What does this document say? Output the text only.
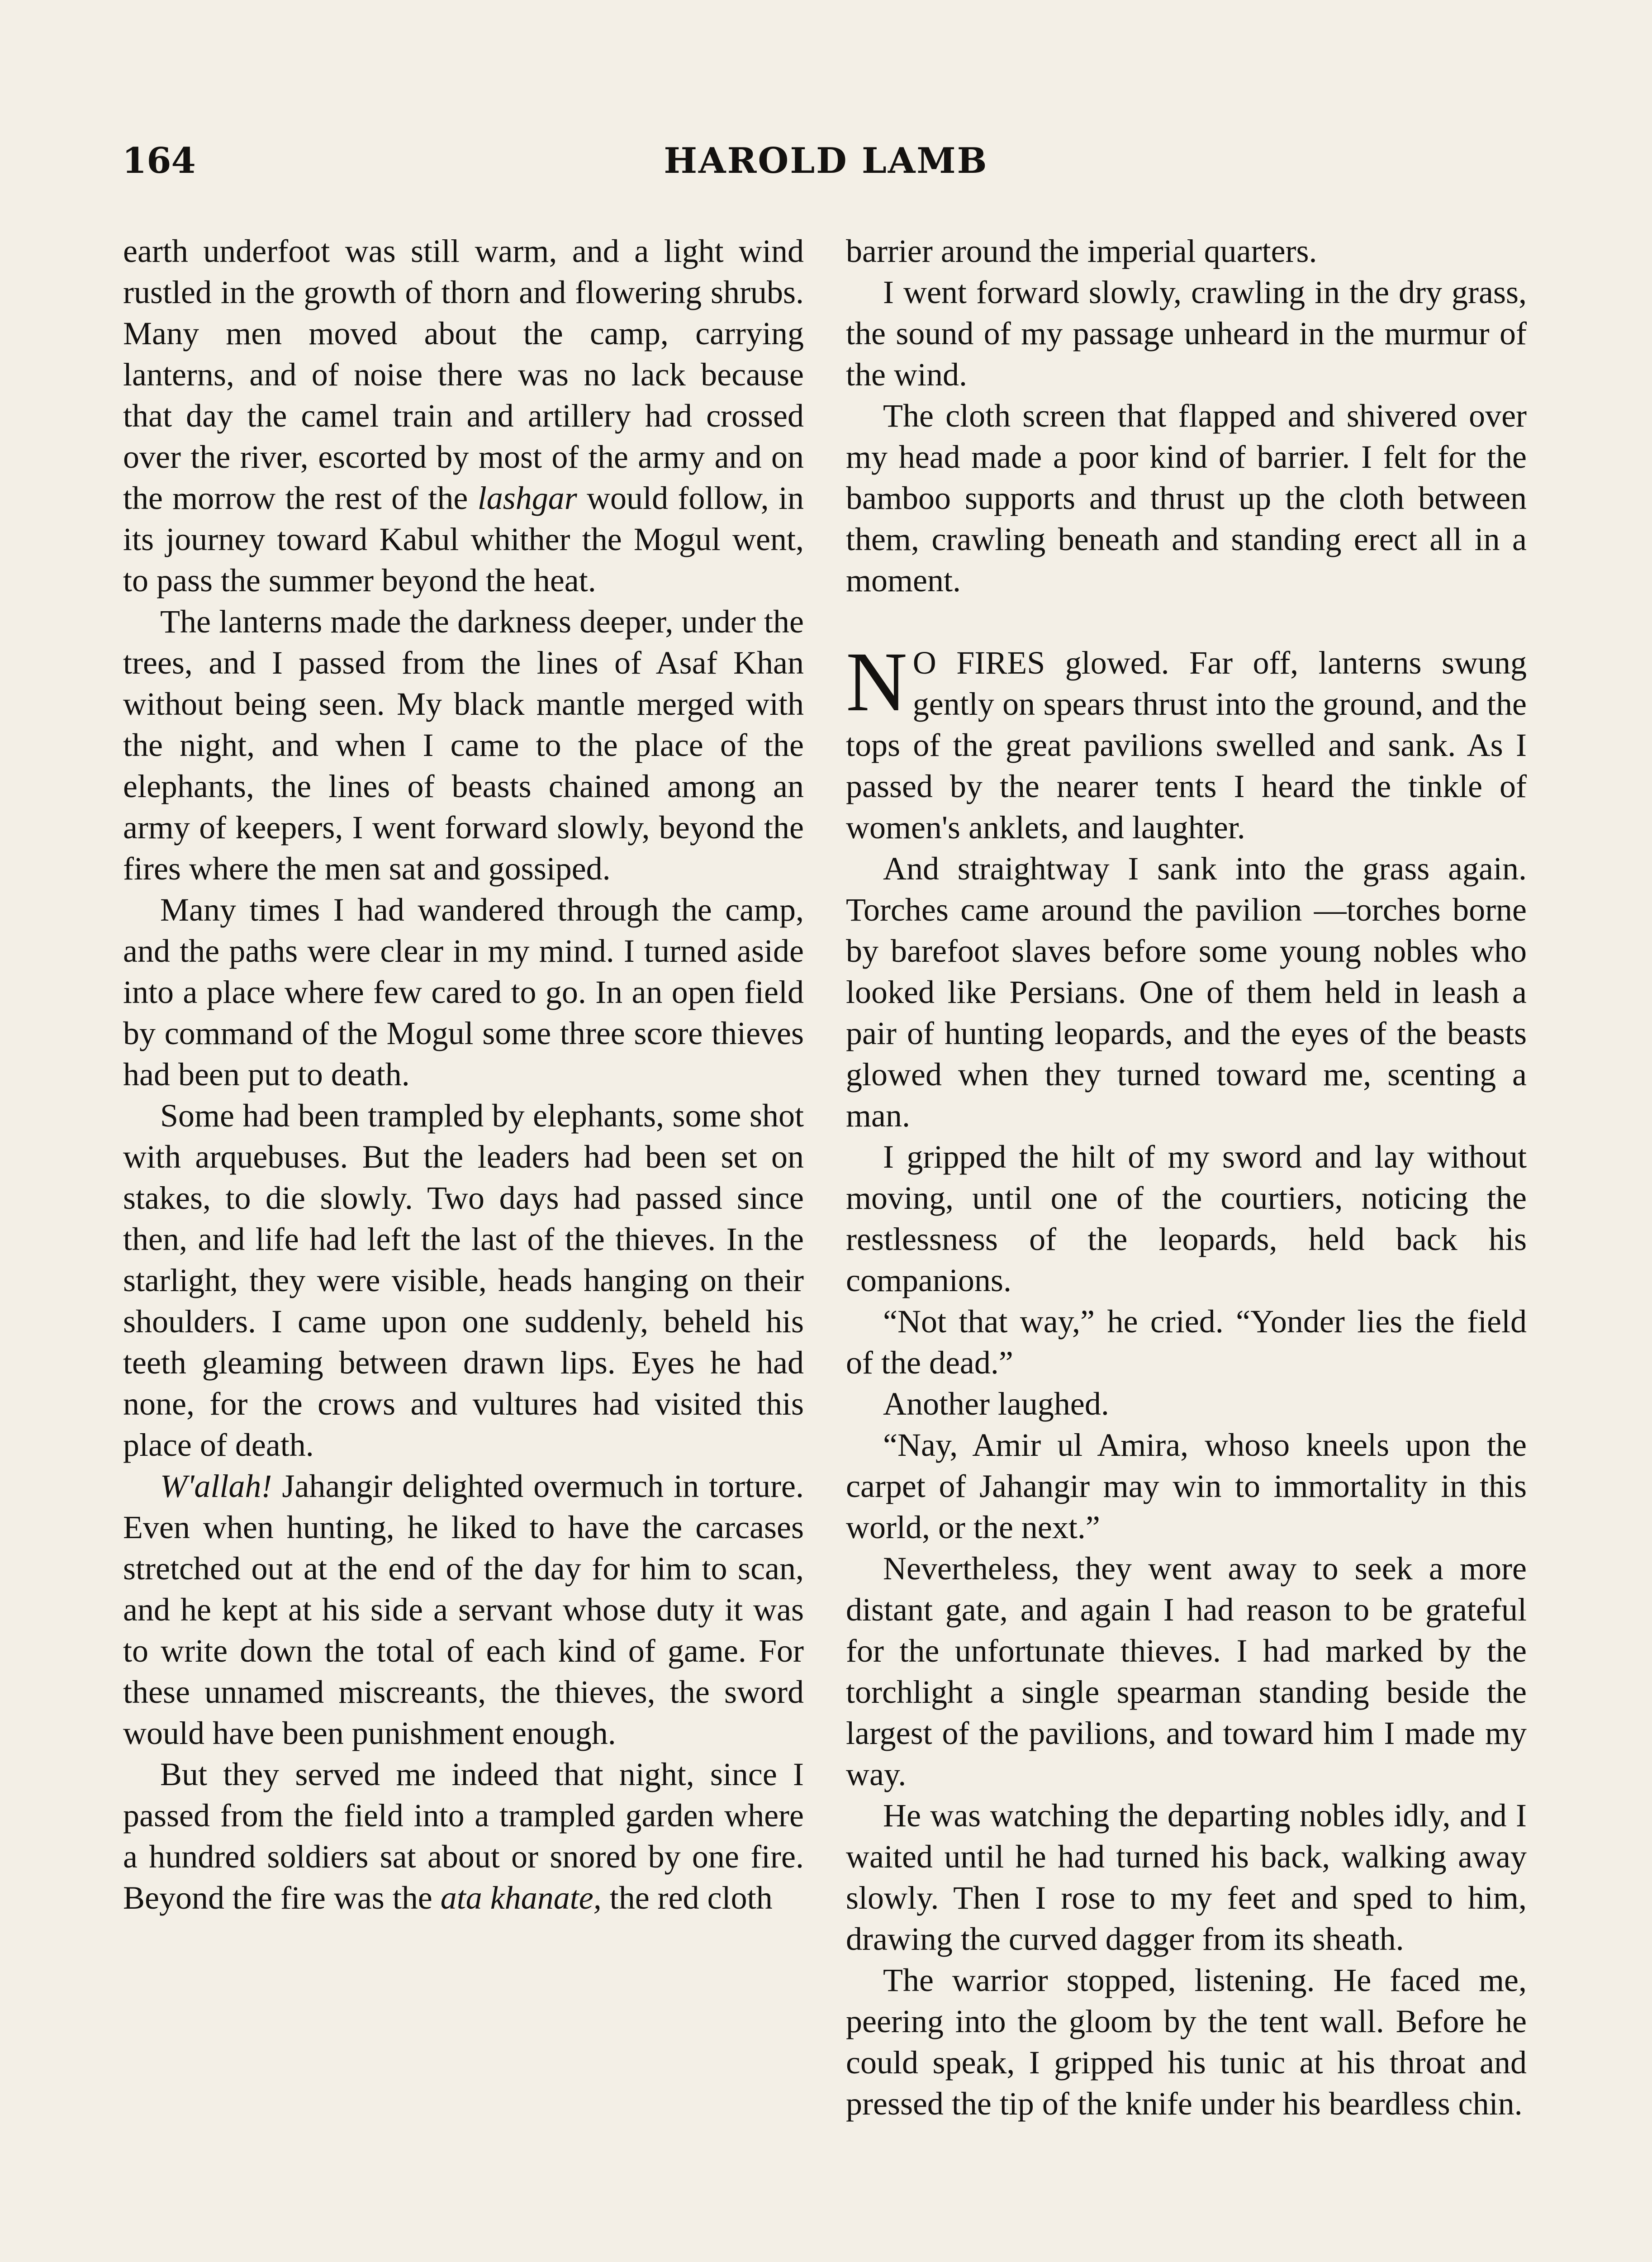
164	HAROLD LAMB

earth underfoot was still warm, and a light wind rustled in the growth of thorn and flowering shrubs. Many men moved about the camp, carrying lanterns, and of noise there was no lack because that day the camel train and artillery had crossed over the river, escorted by most of the army and on the morrow the rest of the lashgar would follow, in its journey toward Kabul whither the Mogul went, to pass the summer beyond the heat.

The lanterns made the darkness deeper, under the trees, and I passed from the lines of Asaf Khan without being seen. My black mantle merged with the night, and when I came to the place of the elephants, the lines of beasts chained among an army of keepers, I went forward slowly, beyond the fires where the men sat and gossiped.

Many times I had wandered through the camp, and the paths were clear in my mind. I turned aside into a place where few cared to go. In an open field by command of the Mogul some three score thieves had been put to death.

Some had been trampled by elephants, some shot with arquebuses. But the leaders had been set on stakes, to die slowly. Two days had passed since then, and life had left the last of the thieves. In the starlight, they were visible, heads hanging on their shoulders. I came upon one suddenly, beheld his teeth gleaming between drawn lips. Eyes he had none, for the crows and vultures had visited this place of death.

W'allah! Jahangir delighted overmuch in torture. Even when hunting, he liked to have the carcases stretched out at the end of the day for him to scan, and he kept at his side a servant whose duty it was to write down the total of each kind of game. For these unnamed miscreants, the thieves, the sword would have been punishment enough.

But they served me indeed that night, since I passed from the field into a trampled garden where a hundred soldiers sat about or snored by one fire. Beyond the fire was the ata khanate, the red cloth

barrier around the imperial quarters.

I went forward slowly, crawling in the dry grass, the sound of my passage unheard in the murmur of the wind.

The cloth screen that flapped and shivered over my head made a poor kind of barrier. I felt for the bamboo supports and thrust up the cloth between them, crawling beneath and standing erect all in a moment.

N O FIRES glowed. Far off, lanterns swung gently on spears thrust into the ground, and the tops of the great pavilions swelled and sank. As I passed by the nearer tents I heard the tinkle of women's anklets, and laughter.

And straightway I sank into the grass again. Torches came around the pavilion —torches borne by barefoot slaves before some young nobles who looked like Persians. One of them held in leash a pair of hunting leopards, and the eyes of the beasts glowed when they turned toward me, scenting a man.

I gripped the hilt of my sword and lay without moving, until one of the courtiers, noticing the restlessness of the leopards, held back his companions.

“Not that way,” he cried. “Yonder lies the field of the dead.”

Another laughed.

“Nay, Amir ul Amira, whoso kneels upon the carpet of Jahangir may win to immortality in this world, or the next.”

Nevertheless, they went away to seek a more distant gate, and again I had reason to be grateful for the unfortunate thieves. I had marked by the torchlight a single spearman standing beside the largest of the pavilions, and toward him I made my way.

He was watching the departing nobles idly, and I waited until he had turned his back, walking away slowly. Then I rose to my feet and sped to him, drawing the curved dagger from its sheath.

The warrior stopped, listening. He faced me, peering into the gloom by the tent wall. Before he could speak, I gripped his tunic at his throat and pressed the tip of the knife under his beardless chin.
